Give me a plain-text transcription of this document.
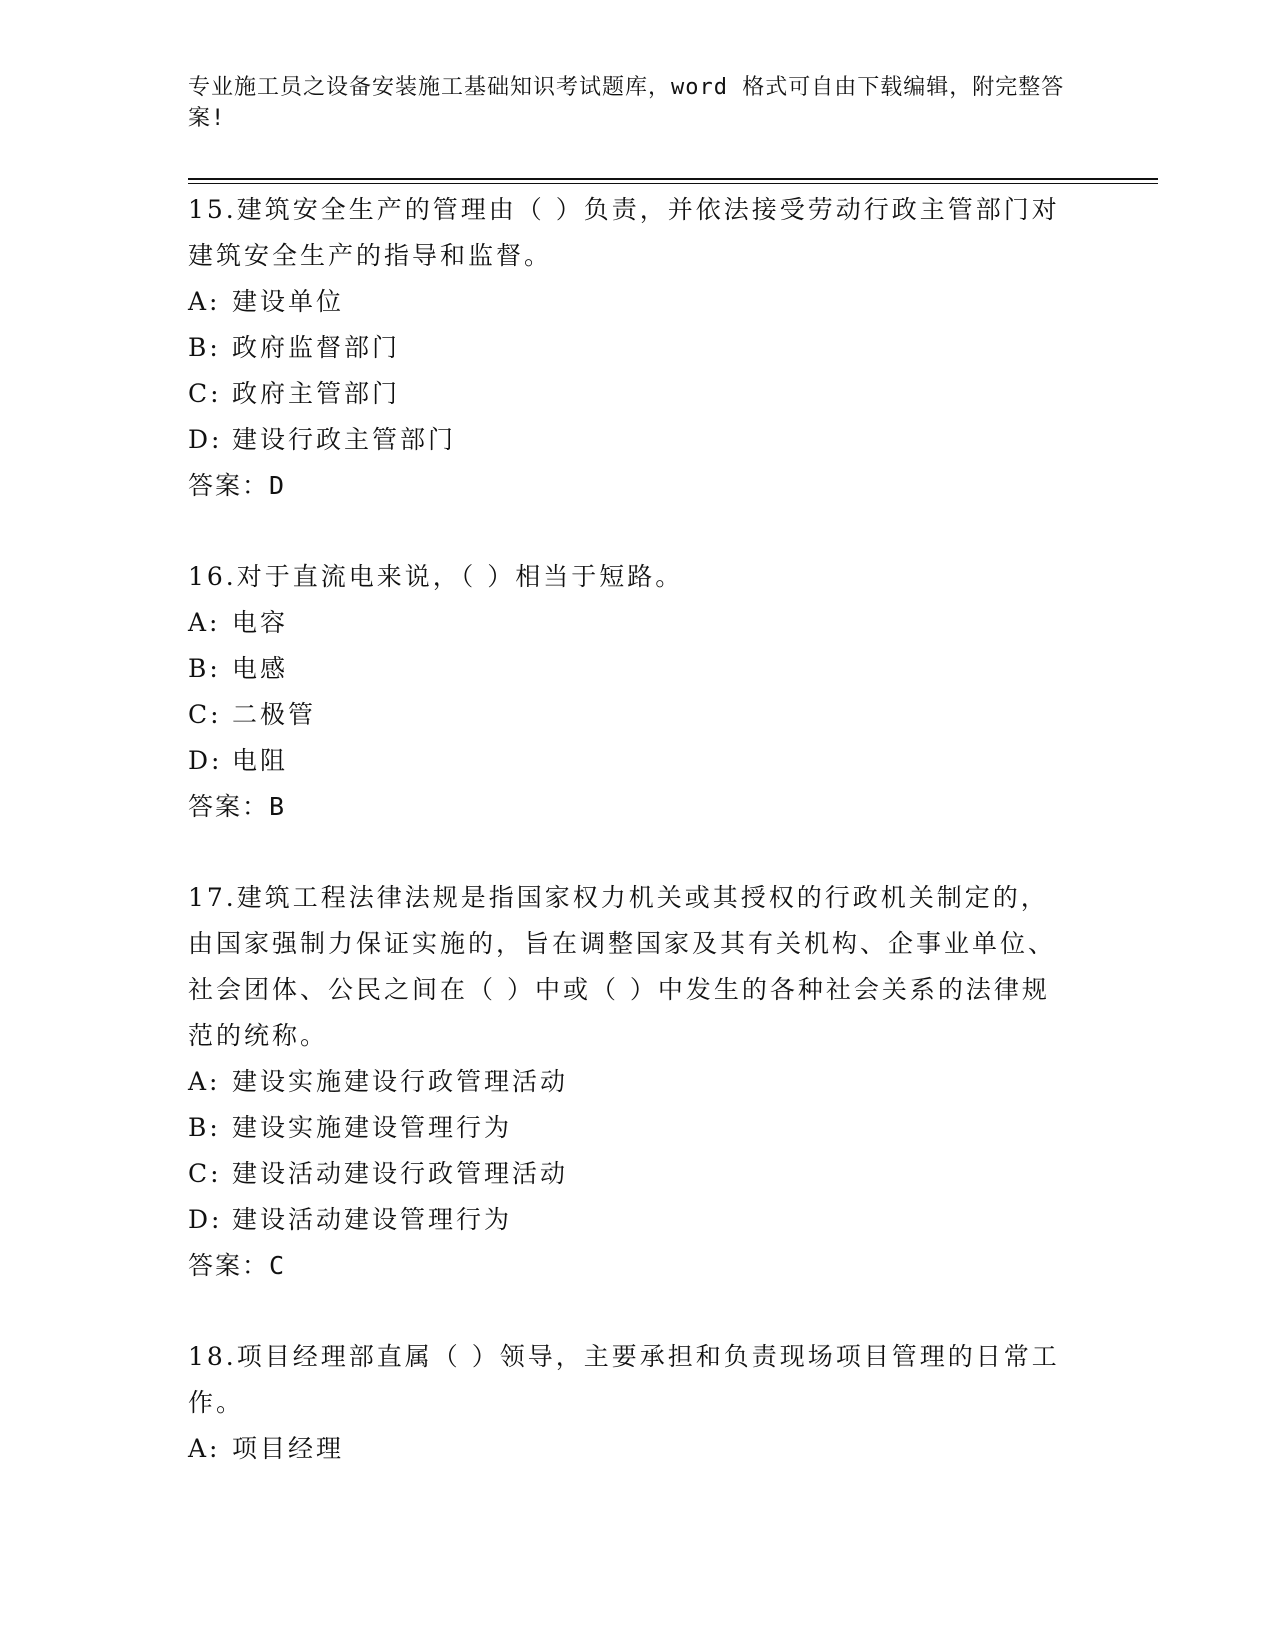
专业施工员之设备安装施工基础知识考试题库，word 格式可自由下载编辑，附完整答案!
15.建筑安全生产的管理由（ ）负责，并依法接受劳动行政主管部门对建筑安全生产的指导和监督。
A: 建设单位
B: 政府监督部门
C: 政府主管部门
D: 建设行政主管部门
答案：D
16.对于直流电来说，（ ）相当于短路。
A: 电容
B: 电感
C: 二极管
D: 电阻
答案：B
17.建筑工程法律法规是指国家权力机关或其授权的行政机关制定的，由国家强制力保证实施的，旨在调整国家及其有关机构、企事业单位、社会团体、公民之间在（ ）中或（ ）中发生的各种社会关系的法律规范的统称。
A: 建设实施建设行政管理活动
B: 建设实施建设管理行为
C: 建设活动建设行政管理活动
D: 建设活动建设管理行为
答案：C
18.项目经理部直属（ ）领导，主要承担和负责现场项目管理的日常工作。
A: 项目经理
